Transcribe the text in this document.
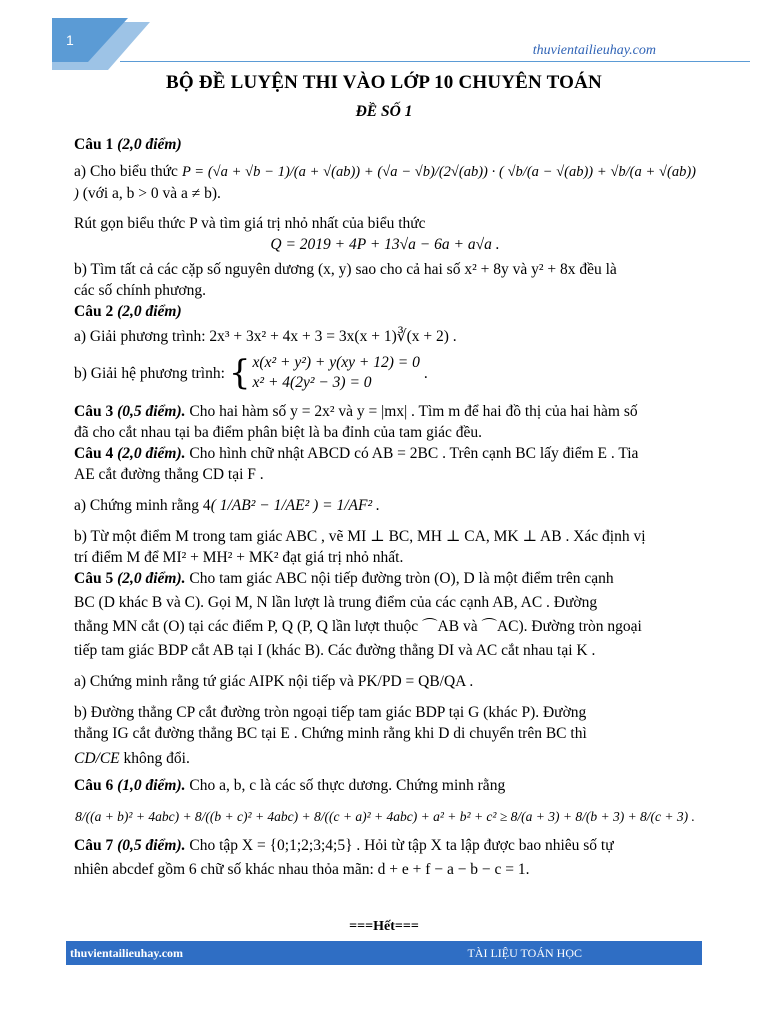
1
thuvientailieuhay.com
BỘ ĐỀ LUYỆN THI VÀO LỚP 10 CHUYÊN TOÁN
ĐỀ SỐ 1

Câu 1 (2,0 điểm)

a) Cho biểu thức P = (√a + √b − 1)/(a + √(ab)) + (√a − √b)/(2√(ab)) · ( √b/(a − √(ab)) + √b/(a + √(ab)) ) (với a, b > 0 và a ≠ b).

Rút gọn biểu thức P và tìm giá trị nhỏ nhất của biểu thức

Q = 2019 + 4P + 13√a − 6a + a√a .

b) Tìm tất cả các cặp số nguyên dương (x, y) sao cho cả hai số x² + 8y và y² + 8x đều là

các số chính phương.

Câu 2 (2,0 điểm)

a) Giải phương trình: 2x³ + 3x² + 4x + 3 = 3x(x + 1)∛(x + 2) .

b) Giải hệ phương trình: { x(x² + y²) + y(xy + 12) = 0
x² + 4(2y² − 3) = 0
.

Câu 3 (0,5 điểm). Cho hai hàm số y = 2x² và y = |mx| . Tìm m để hai đồ thị của hai hàm số

đã cho cắt nhau tại ba điểm phân biệt là ba đỉnh của tam giác đều.

Câu 4 (2,0 điểm). Cho hình chữ nhật ABCD có AB = 2BC . Trên cạnh BC lấy điểm E . Tia

AE cắt đường thẳng CD tại F .

a) Chứng minh rằng 4( 1/AB² − 1/AE² ) = 1/AF² .

b) Từ một điểm M trong tam giác ABC , vẽ MI ⊥ BC, MH ⊥ CA, MK ⊥ AB . Xác định vị

trí điểm M để MI² + MH² + MK² đạt giá trị nhỏ nhất.

Câu 5 (2,0 điểm). Cho tam giác ABC nội tiếp đường tròn (O), D là một điểm trên cạnh

BC (D khác B và C). Gọi M, N lần lượt là trung điểm của các cạnh AB, AC . Đường

thẳng MN cắt (O) tại các điểm P, Q (P, Q lần lượt thuộc ⌒AB và ⌒AC). Đường tròn ngoại

tiếp tam giác BDP cắt AB tại I (khác B). Các đường thẳng DI và AC cắt nhau tại K .

a) Chứng minh rằng tứ giác AIPK nội tiếp và PK/PD = QB/QA .

b) Đường thẳng CP cắt đường tròn ngoại tiếp tam giác BDP tại G (khác P). Đường

thẳng IG cắt đường thẳng BC tại E . Chứng minh rằng khi D di chuyển trên BC thì

CD/CE không đổi.

Câu 6 (1,0 điểm). Cho a, b, c là các số thực dương. Chứng minh rằng

8/((a + b)² + 4abc) + 8/((b + c)² + 4abc) + 8/((c + a)² + 4abc) + a² + b² + c² ≥ 8/(a + 3) + 8/(b + 3) + 8/(c + 3) .

Câu 7 (0,5 điểm). Cho tập X = {0;1;2;3;4;5} . Hỏi từ tập X ta lập được bao nhiêu số tự

nhiên abcdef gồm 6 chữ số khác nhau thỏa mãn: d + e + f − a − b − c = 1.

===Hết===
thuvientailieuhay.com	TÀI LIỆU TOÁN HỌC
